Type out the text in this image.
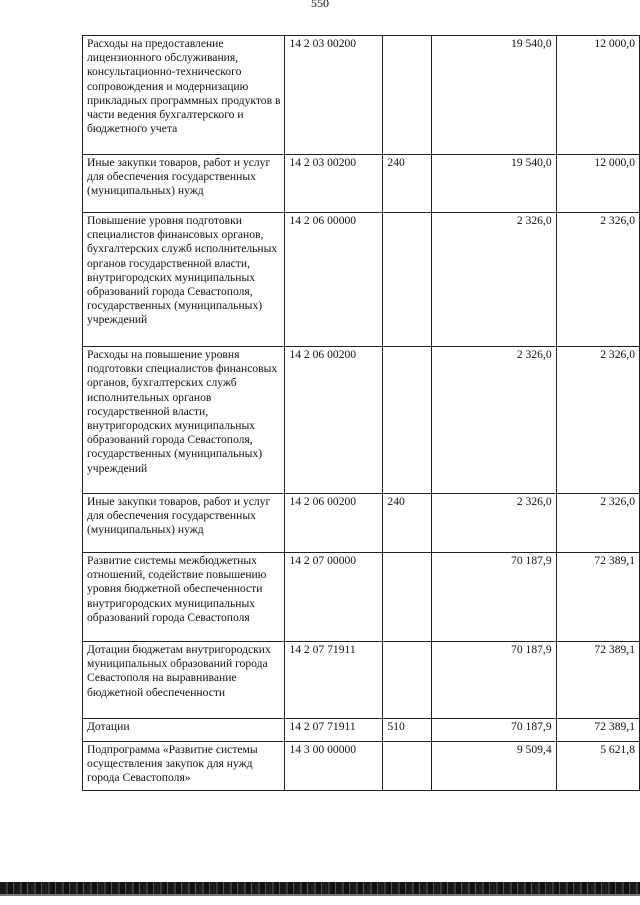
550
Расходы на предоставление лицензионного обслуживания, консультационно-технического сопровождения и модернизацию прикладных программных продуктов в части ведения бухгалтерского и бюджетного учета	14 2 03 00200		19 540,0	12 000,0
Иные закупки товаров, работ и услуг для обеспечения государственных (муниципальных) нужд	14 2 03 00200	240	19 540,0	12 000,0
Повышение уровня подготовки специалистов финансовых органов, бухгалтерских служб исполнительных органов государственной власти, внутригородских муниципальных образований города Севастополя, государственных (муниципальных) учреждений	14 2 06 00000		2 326,0	2 326,0
Расходы на повышение уровня подготовки специалистов финансовых органов, бухгалтерских служб исполнительных органов государственной власти, внутригородских муниципальных образований города Севастополя, государственных (муниципальных) учреждений	14 2 06 00200		2 326,0	2 326,0
Иные закупки товаров, работ и услуг для обеспечения государственных (муниципальных) нужд	14 2 06 00200	240	2 326,0	2 326,0
Развитие системы межбюджетных отношений, содействие повышению уровня бюджетной обеспеченности внутригородских муниципальных образований города Севастополя	14 2 07 00000		70 187,9	72 389,1
Дотации бюджетам внутригородских муниципальных образований города Севастополя на выравнивание бюджетной обеспеченности	14 2 07 71911		70 187,9	72 389,1
Дотации	14 2 07 71911	510	70 187,9	72 389,1
Подпрограмма «Развитие системы осуществления закупок для нужд города Севастополя»	14 3 00 00000		9 509,4	5 621,8
